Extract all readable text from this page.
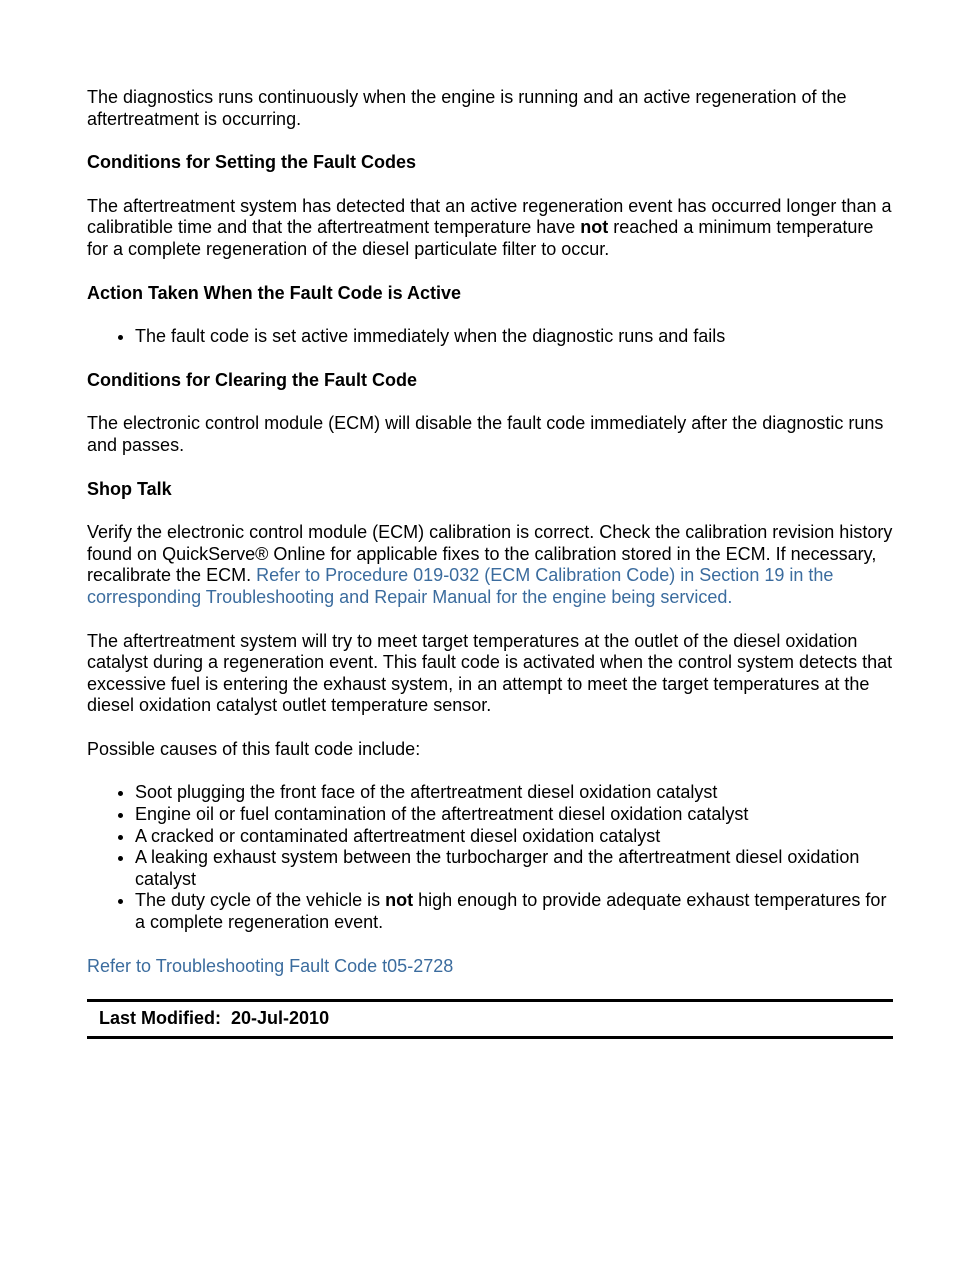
The diagnostics runs continuously when the engine is running and an active regeneration of the aftertreatment is occurring.

Conditions for Setting the Fault Codes

The aftertreatment system has detected that an active regeneration event has occurred longer than a calibratible time and that the aftertreatment temperature have not reached a minimum temperature for a complete regeneration of the diesel particulate filter to occur.

Action Taken When the Fault Code is Active
• The fault code is set active immediately when the diagnostic runs and fails
Conditions for Clearing the Fault Code

The electronic control module (ECM) will disable the fault code immediately after the diagnostic runs and passes.

Shop Talk

Verify the electronic control module (ECM) calibration is correct. Check the calibration revision history found on QuickServe® Online for applicable fixes to the calibration stored in the ECM. If necessary, recalibrate the ECM. Refer to Procedure 019-032 (ECM Calibration Code) in Section 19 in the corresponding Troubleshooting and Repair Manual for the engine being serviced.

The aftertreatment system will try to meet target temperatures at the outlet of the diesel oxidation catalyst during a regeneration event. This fault code is activated when the control system detects that excessive fuel is entering the exhaust system, in an attempt to meet the target temperatures at the diesel oxidation catalyst outlet temperature sensor.

Possible causes of this fault code include:

• Soot plugging the front face of the aftertreatment diesel oxidation catalyst
• Engine oil or fuel contamination of the aftertreatment diesel oxidation catalyst
• A cracked or contaminated aftertreatment diesel oxidation catalyst
• A leaking exhaust system between the turbocharger and the aftertreatment diesel oxidation catalyst
• The duty cycle of the vehicle is not high enough to provide adequate exhaust temperatures for a complete regeneration event.

Refer to Troubleshooting Fault Code t05-2728

Last Modified: 20-Jul-2010
